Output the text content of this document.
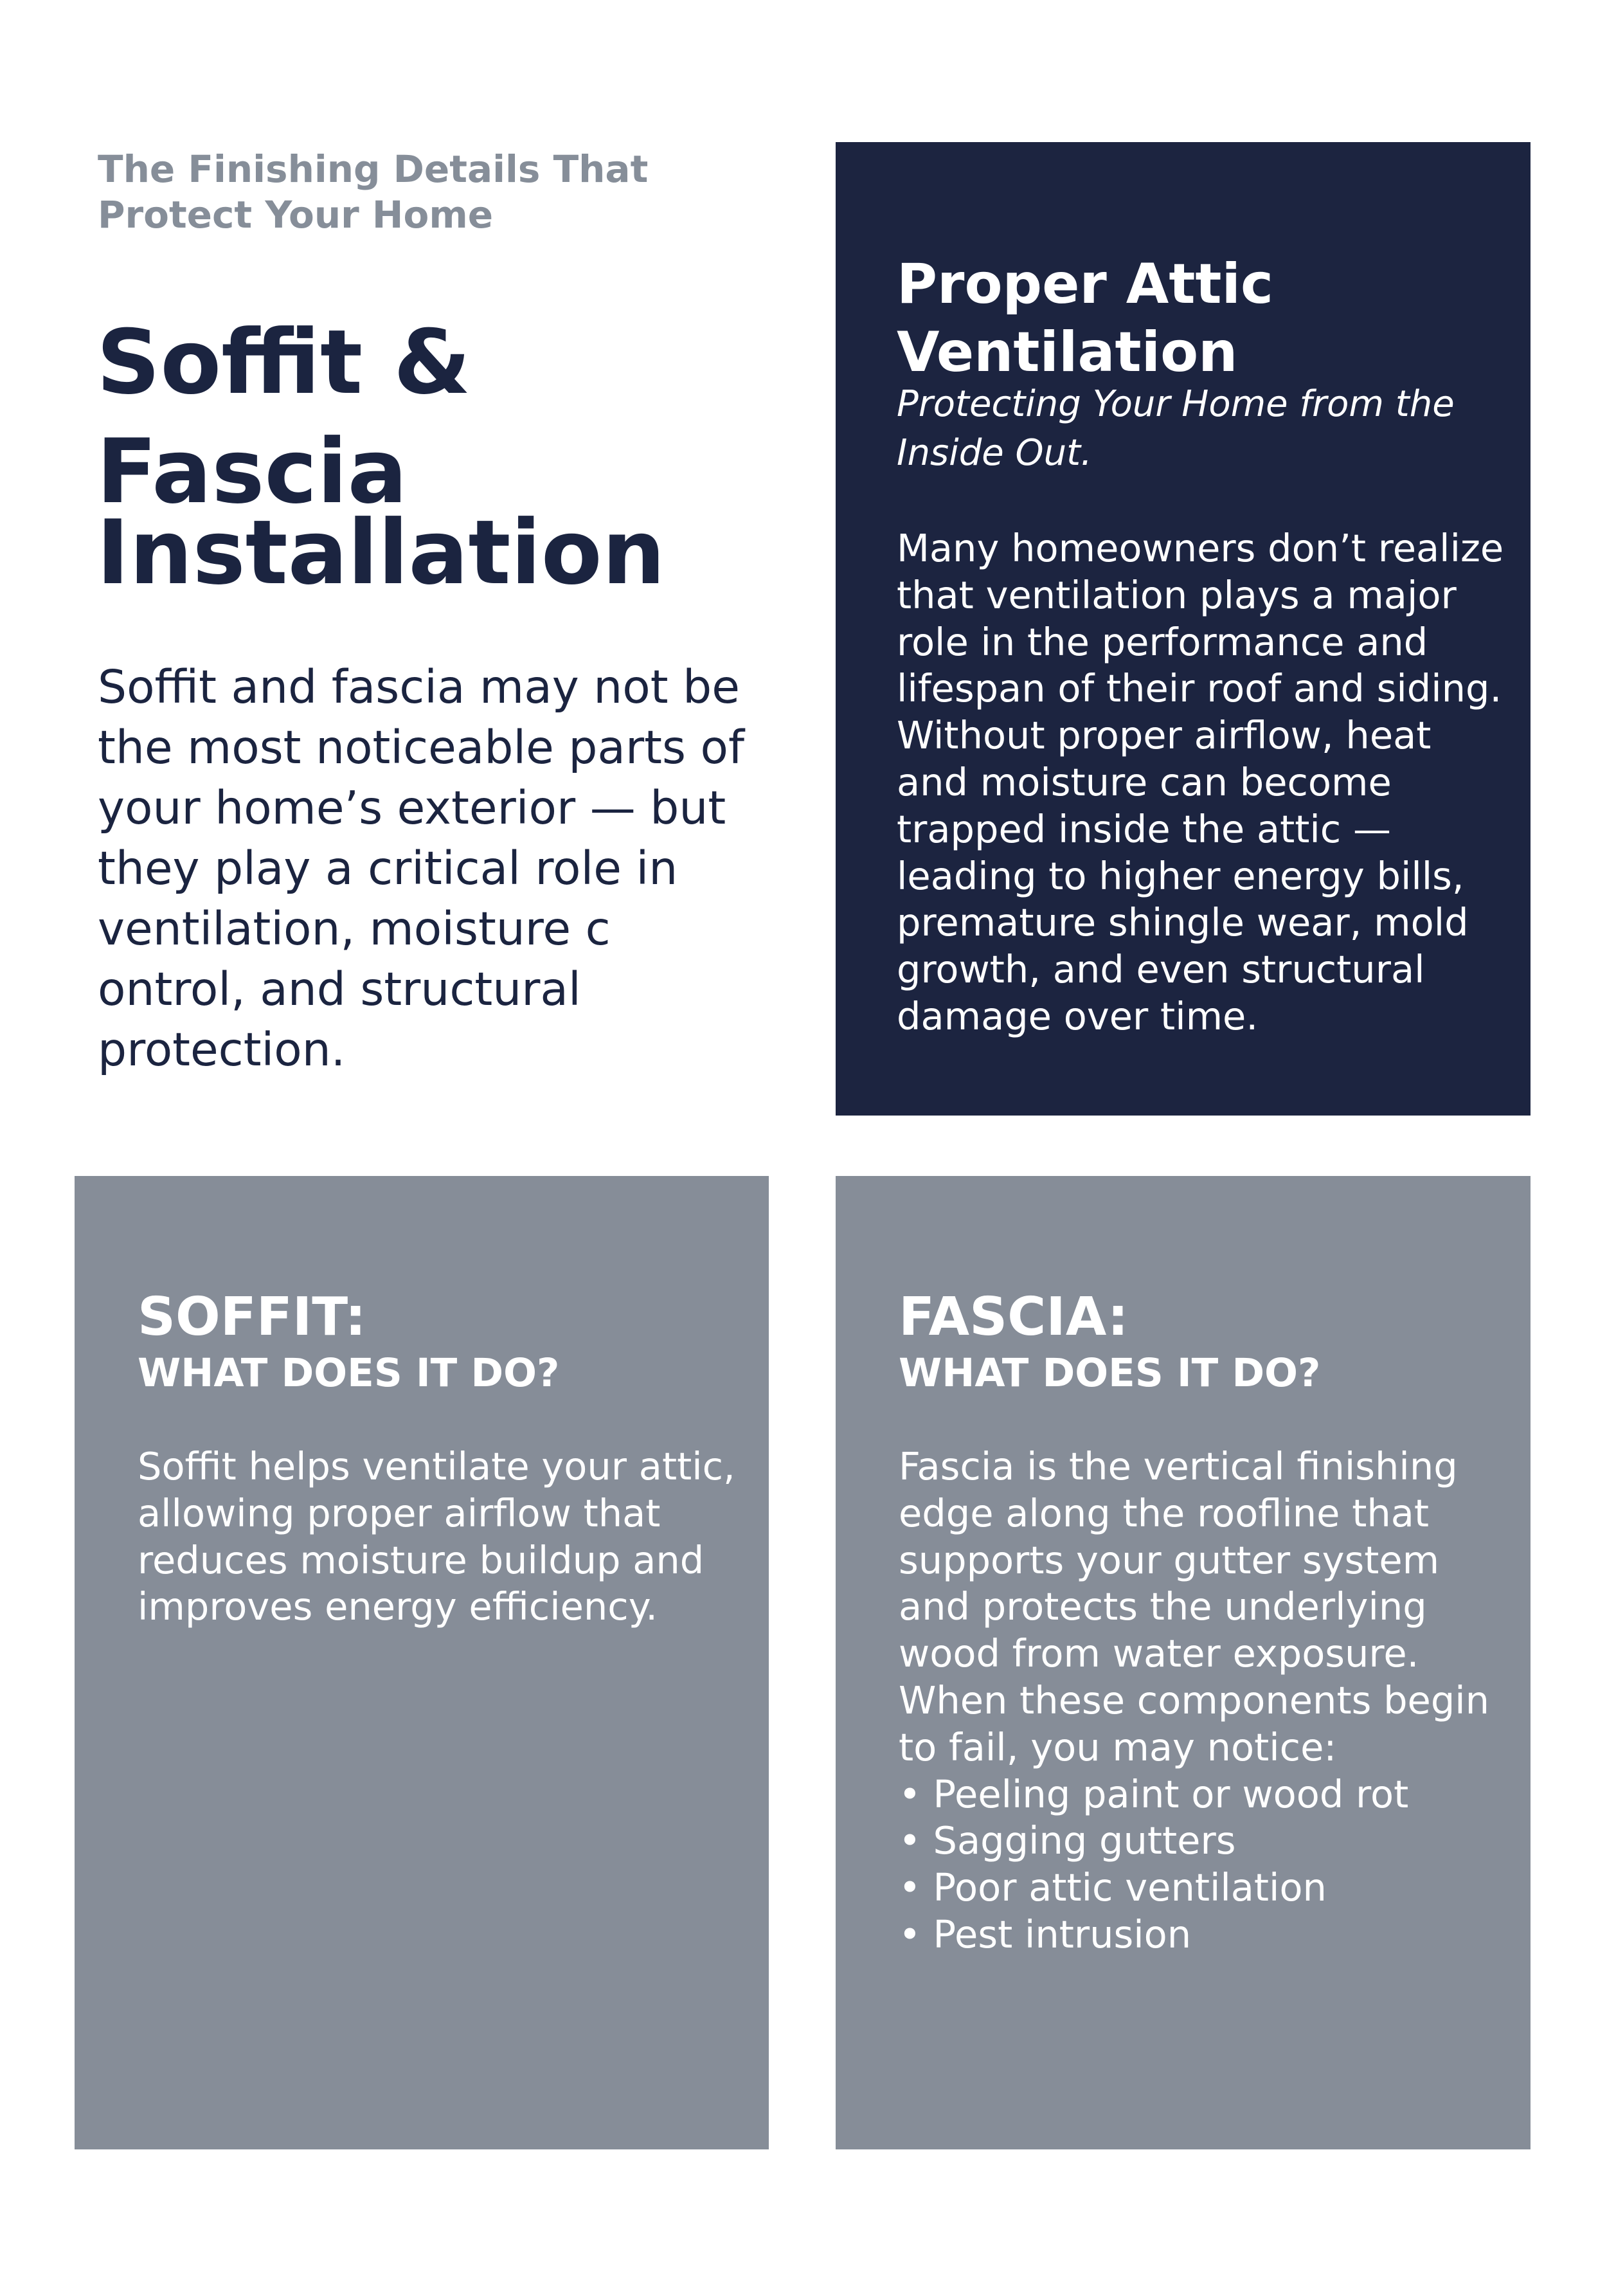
The Finishing Details That
Protect Your Home

Soffit &
Fascia
Installation

Soffit and fascia may not be
the most noticeable parts of
your home’s exterior — but
they play a critical role in
ventilation, moisture c
ontrol, and structural
protection.

Proper Attic
Ventilation

Protecting Your Home from the
Inside Out.

Many homeowners don’t realize
that ventilation plays a major
role in the performance and
lifespan of their roof and siding.
Without proper airflow, heat
and moisture can become
trapped inside the attic —
leading to higher energy bills,
premature shingle wear, mold
growth, and even structural
damage over time.

SOFFIT:
WHAT DOES IT DO?

Soffit helps ventilate your attic,
allowing proper airflow that
reduces moisture buildup and
improves energy efficiency.

FASCIA:
WHAT DOES IT DO?

Fascia is the vertical finishing
edge along the roofline that
supports your gutter system
and protects the underlying
wood from water exposure.
When these components begin
to fail, you may notice:
• Peeling paint or wood rot
• Sagging gutters
• Poor attic ventilation
• Pest intrusion
